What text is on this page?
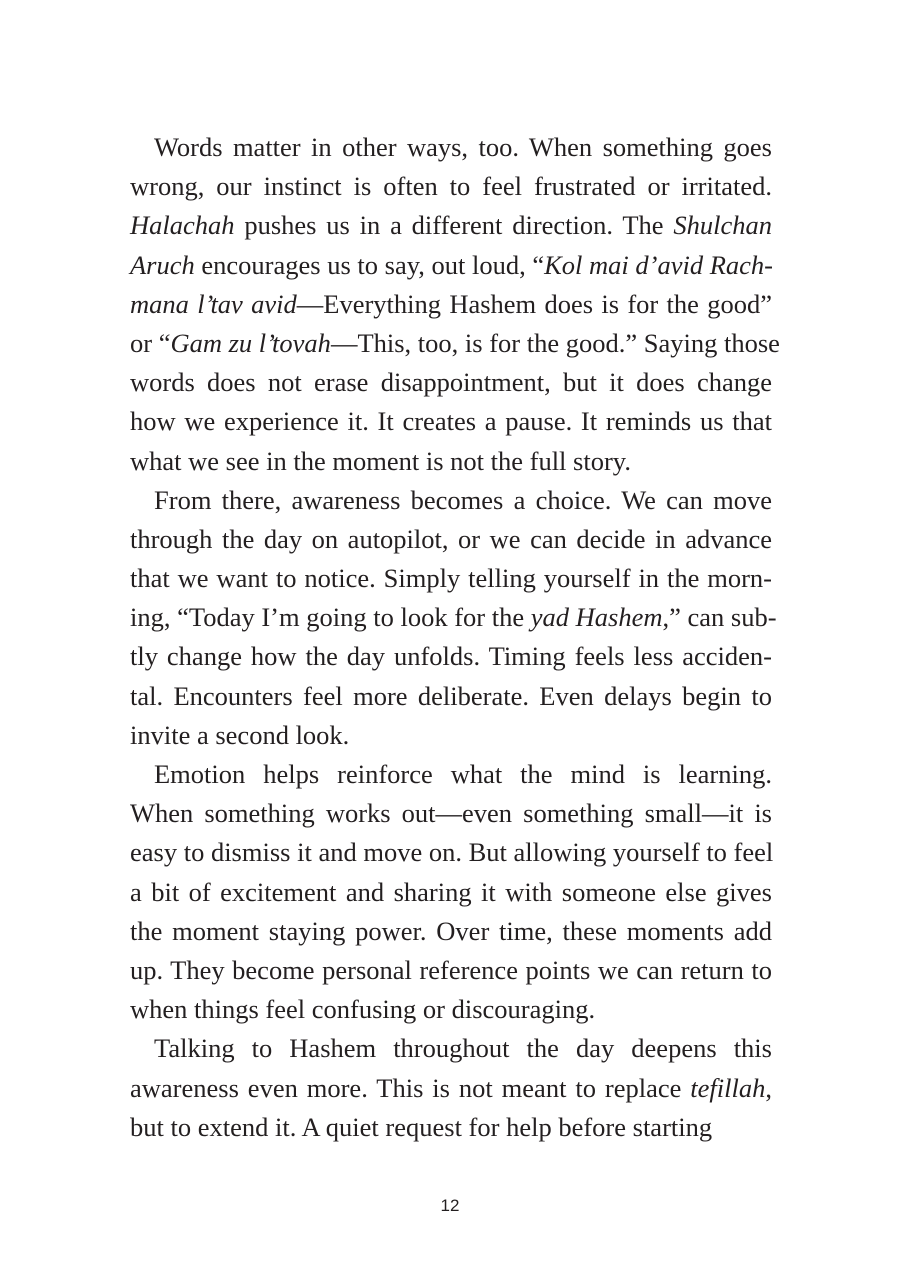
Words matter in other ways, too. When something goes
wrong, our instinct is often to feel frustrated or irritated.
Halachah pushes us in a different direction. The Shulchan
Aruch encourages us to say, out loud, “Kol mai d’avid Rach-
mana l’tav avid—Everything Hashem does is for the good”
or “Gam zu l’tovah—This, too, is for the good.” Saying those
words does not erase disappointment, but it does change
how we experience it. It creates a pause. It reminds us that
what we see in the moment is not the full story.
From there, awareness becomes a choice. We can move
through the day on autopilot, or we can decide in advance
that we want to notice. Simply telling yourself in the morn-
ing, “Today I’m going to look for the yad Hashem,” can sub-
tly change how the day unfolds. Timing feels less acciden-
tal. Encounters feel more deliberate. Even delays begin to
invite a second look.
Emotion helps reinforce what the mind is learning.
When something works out—even something small—it is
easy to dismiss it and move on. But allowing yourself to feel
a bit of excitement and sharing it with someone else gives
the moment staying power. Over time, these moments add
up. They become personal reference points we can return to
when things feel confusing or discouraging.
Talking to Hashem throughout the day deepens this
awareness even more. This is not meant to replace tefillah,
but to extend it. A quiet request for help before starting
12
